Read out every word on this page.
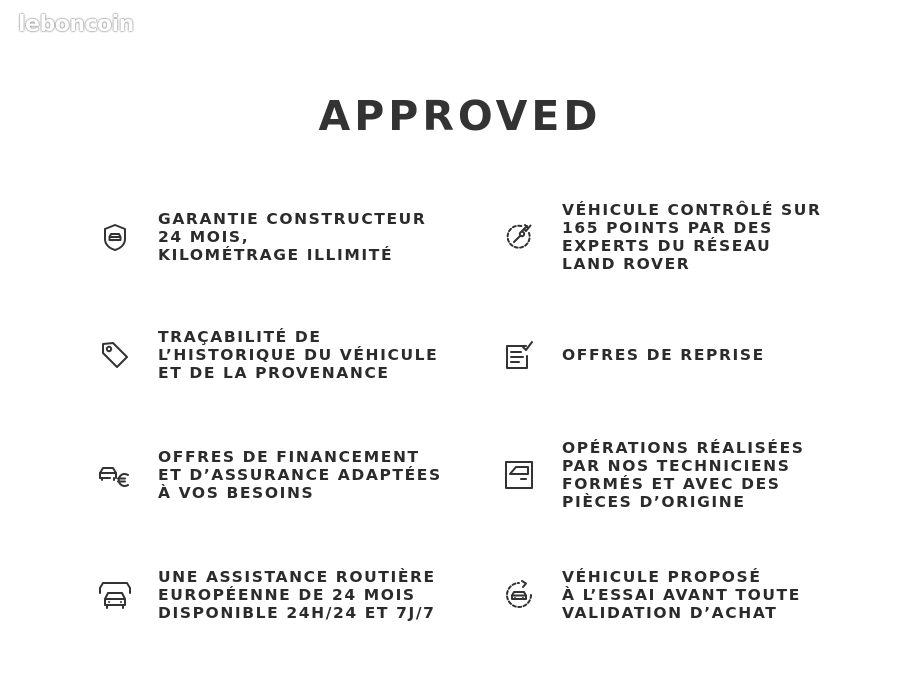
leboncoin
APPROVED
GARANTIE CONSTRUCTEUR
24 MOIS,
KILOMÉTRAGE ILLIMITÉ
VÉHICULE CONTRÔLÉ SUR
165 POINTS PAR DES
EXPERTS DU RÉSEAU
LAND ROVER
TRAÇABILITÉ DE
L’HISTORIQUE DU VÉHICULE
ET DE LA PROVENANCE
OFFRES DE REPRISE
OFFRES DE FINANCEMENT
ET D’ASSURANCE ADAPTÉES
À VOS BESOINS
OPÉRATIONS RÉALISÉES
PAR NOS TECHNICIENS
FORMÉS ET AVEC DES
PIÈCES D’ORIGINE
UNE ASSISTANCE ROUTIÈRE
EUROPÉENNE DE 24 MOIS
DISPONIBLE 24H/24 ET 7J/7
VÉHICULE PROPOSÉ
À L’ESSAI AVANT TOUTE
VALIDATION D’ACHAT
